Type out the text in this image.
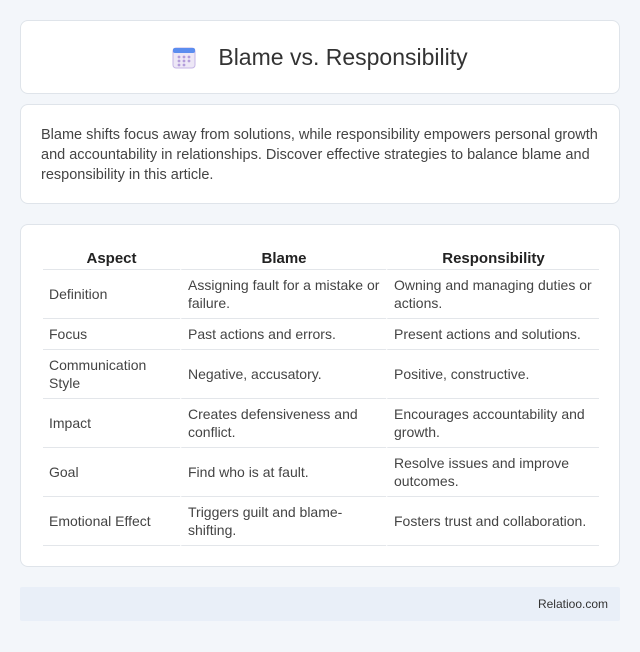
Blame vs. Responsibility

Blame shifts focus away from solutions, while responsibility empowers personal growth and accountability in relationships. Discover effective strategies to balance blame and responsibility in this article.

Aspect	Blame	Responsibility
Definition	Assigning fault for a mistake or failure.	Owning and managing duties or actions.
Focus	Past actions and errors.	Present actions and solutions.
Communication Style	Negative, accusatory.	Positive, constructive.
Impact	Creates defensiveness and conflict.	Encourages accountability and growth.
Goal	Find who is at fault.	Resolve issues and improve outcomes.
Emotional Effect	Triggers guilt and blame-shifting.	Fosters trust and collaboration.
Relatioo.com
